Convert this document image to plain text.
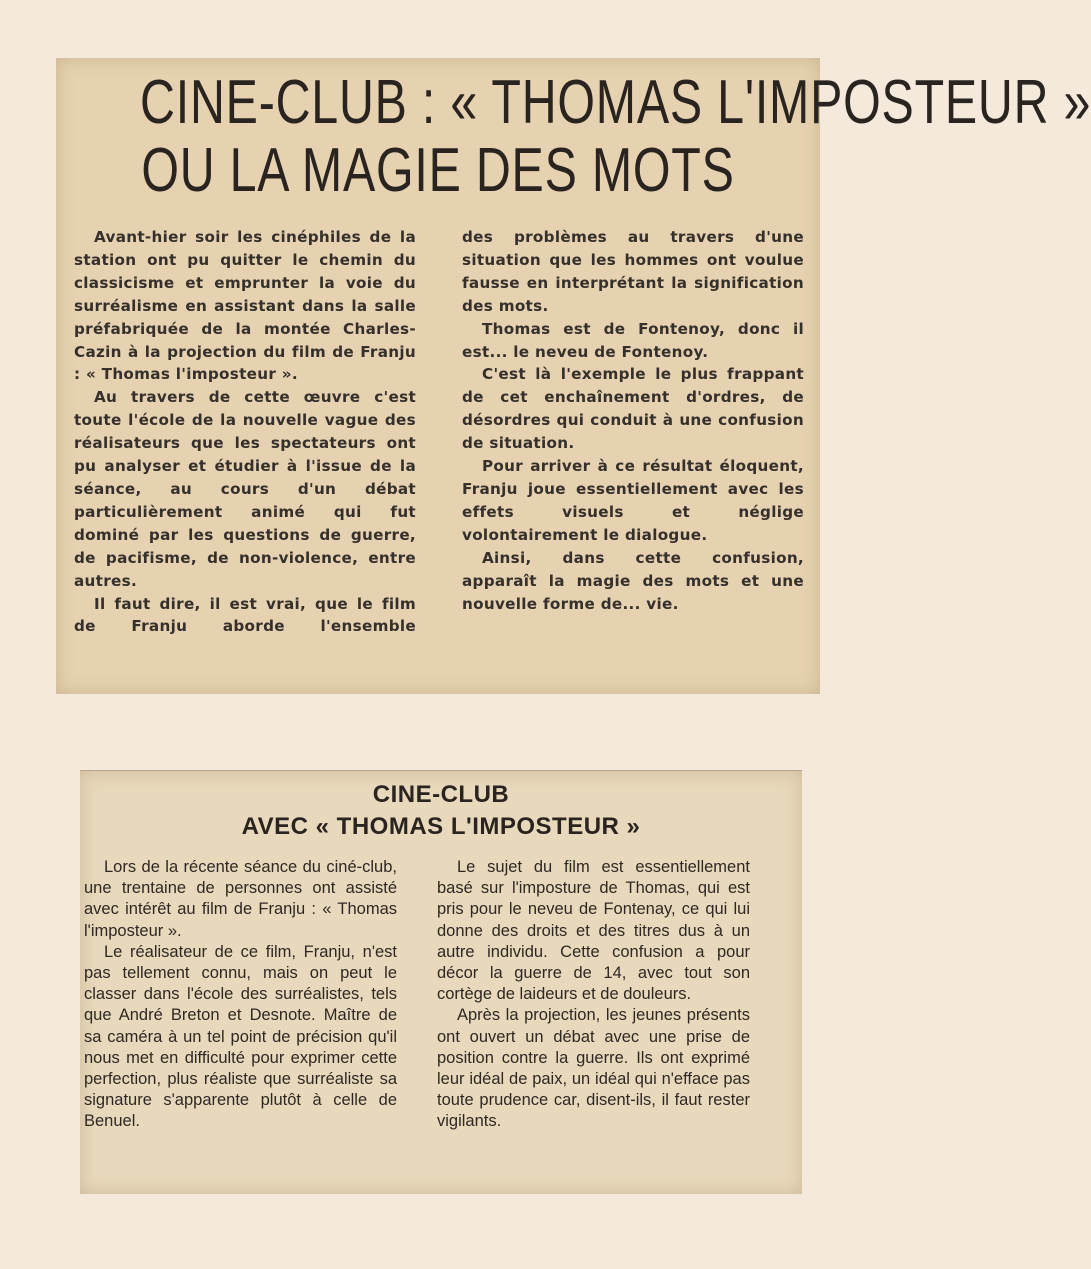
CINE-CLUB : « THOMAS L'IMPOSTEUR »
OU LA MAGIE DES MOTS

Avant-hier soir les cinéphiles de la station ont pu quitter le chemin du classicisme et emprunter la voie du surréalisme en assistant dans la salle préfabriquée de la montée Charles-Cazin à la projection du film de Franju : « Thomas l'imposteur ».

Au travers de cette œuvre c'est toute l'école de la nouvelle vague des réalisateurs que les spectateurs ont pu analyser et étudier à l'issue de la séance, au cours d'un débat particulièrement animé qui fut dominé par les questions de guerre, de pacifisme, de non-violence, entre autres.

Il faut dire, il est vrai, que le film de Franju aborde l'ensemble

des problèmes au travers d'une situation que les hommes ont voulue fausse en interprétant la signification des mots.

Thomas est de Fontenoy, donc il est... le neveu de Fontenoy.

C'est là l'exemple le plus frappant de cet enchaînement d'ordres, de désordres qui conduit à une confusion de situation.

Pour arriver à ce résultat éloquent, Franju joue essentiellement avec les effets visuels et néglige volontairement le dialogue.

Ainsi, dans cette confusion, apparaît la magie des mots et une nouvelle forme de... vie.

CINE-CLUB
AVEC « THOMAS L'IMPOSTEUR »

Lors de la récente séance du ciné-club, une trentaine de personnes ont assisté avec intérêt au film de Franju : « Thomas l'imposteur ».

Le réalisateur de ce film, Franju, n'est pas tellement connu, mais on peut le classer dans l'école des surréalistes, tels que André Breton et Desnote. Maître de sa caméra à un tel point de précision qu'il nous met en difficulté pour exprimer cette perfection, plus réaliste que surréaliste sa signature s'apparente plutôt à celle de Benuel.

Le sujet du film est essentiellement basé sur l'imposture de Thomas, qui est pris pour le neveu de Fontenay, ce qui lui donne des droits et des titres dus à un autre individu. Cette confusion a pour décor la guerre de 14, avec tout son cortège de laideurs et de douleurs.

Après la projection, les jeunes présents ont ouvert un débat avec une prise de position contre la guerre. Ils ont exprimé leur idéal de paix, un idéal qui n'efface pas toute prudence car, disent-ils, il faut rester vigilants.
